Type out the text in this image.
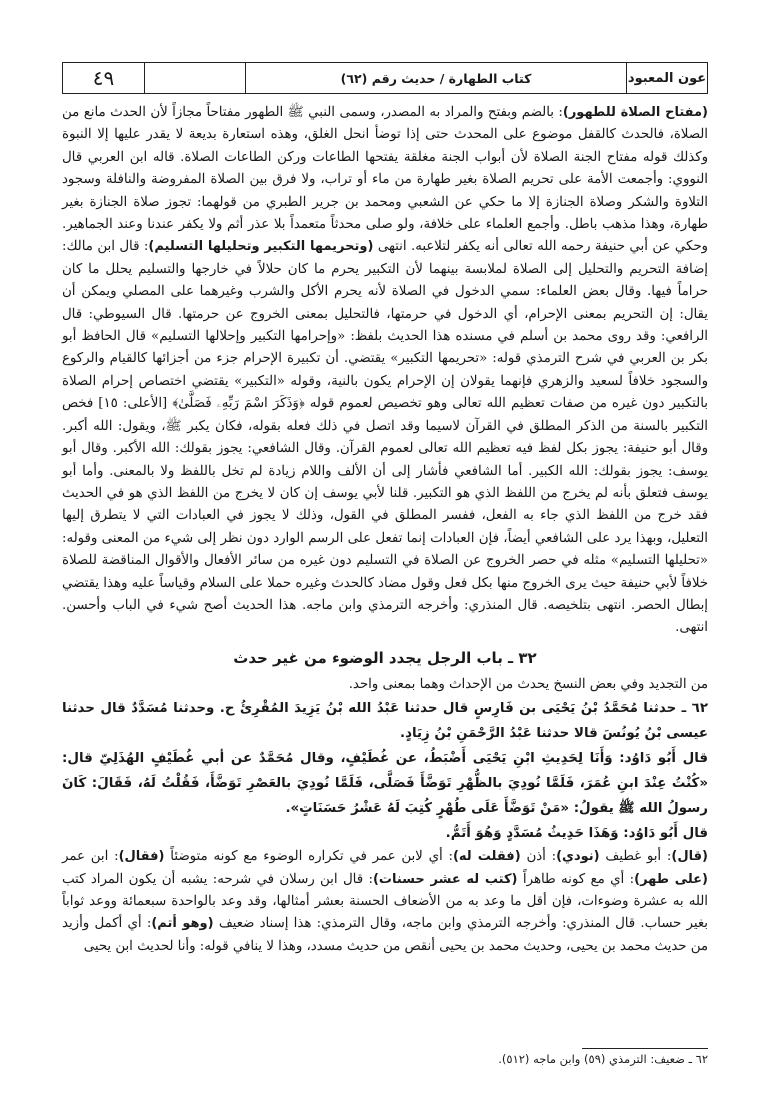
عون المعبود
كتاب الطهارة / حديث رقم (٦٢)
٤٩

(مفتاح الصلاة للطهور): بالضم وبفتح والمراد به المصدر، وسمى النبي ﷺ الطهور مفتاحاً مجازاً لأن الحدث مانع من الصلاة، فالحدث كالقفل موضوع على المحدث حتى إذا توضأ انحل الغلق، وهذه استعارة بديعة لا يقدر عليها إلا النبوة وكذلك قوله مفتاح الجنة الصلاة لأن أبواب الجنة مغلقة يفتحها الطاعات وركن الطاعات الصلاة. قاله ابن العربي قال النووي: وأجمعت الأمة على تحريم الصلاة بغير طهارة من ماء أو تراب، ولا فرق بين الصلاة المفروضة والنافلة وسجود التلاوة والشكر وصلاة الجنازة إلا ما حكي عن الشعبي ومحمد بن جرير الطبري من قولهما: تجوز صلاة الجنازة بغير طهارة، وهذا مذهب باطل. وأجمع العلماء على خلافة، ولو صلى محدثاً متعمداً بلا عذر أثم ولا يكفر عندنا وعند الجماهير. وحكي عن أبي حنيفة رحمه الله تعالى أنه يكفر لتلاعبه. انتهى (وتحريمها التكبير وتحليلها التسليم): قال ابن مالك: إضافة التحريم والتحليل إلى الصلاة لملابسة بينهما لأن التكبير يحرم ما كان حلالاً في خارجها والتسليم يحلل ما كان حراماً فيها. وقال بعض العلماء: سمي الدخول في الصلاة لأنه يحرم الأكل والشرب وغيرهما على المصلي ويمكن أن يقال: إن التحريم بمعنى الإحرام، أي الدخول في حرمتها، فالتحليل بمعنى الخروج عن حرمتها. قال السيوطي: قال الرافعي: وقد روى محمد بن أسلم في مسنده هذا الحديث بلفظ: «وإحرامها التكبير وإحلالها التسليم» قال الحافظ أبو بكر بن العربي في شرح الترمذي قوله: «تحريمها التكبير» يقتضي. أن تكبيرة الإحرام جزء من أجزائها كالقيام والركوع والسجود خلافاً لسعيد والزهري فإنهما يقولان إن الإحرام يكون بالنية، وقوله «التكبير» يقتضي اختصاص إحرام الصلاة بالتكبير دون غيره من صفات تعظيم الله تعالى وهو تخصيص لعموم قوله ﴿وَذَكَرَ اسْمَ رَبِّهِۦ فَصَلَّىٰ﴾ [الأعلى: ١٥] فخص التكبير بالسنة من الذكر المطلق في القرآن لاسيما وقد اتصل في ذلك فعله بقوله، فكان يكبر ﷺ، ويقول: الله أكبر. وقال أبو حنيفة: يجوز بكل لفظ فيه تعظيم الله تعالى لعموم القرآن. وقال الشافعي: يجوز بقولك: الله الأكبر. وقال أبو يوسف: يجوز بقولك: الله الكبير. أما الشافعي فأشار إلى أن الألف واللام زيادة لم تخل باللفظ ولا بالمعنى. وأما أبو يوسف فتعلق بأنه لم يخرج من اللفظ الذي هو التكبير. قلنا لأبي يوسف إن كان لا يخرج من اللفظ الذي هو في الحديث فقد خرج من اللفظ الذي جاء به الفعل، ففسر المطلق في القول، وذلك لا يجوز في العبادات التي لا يتطرق إليها التعليل، وبهذا يرد على الشافعي أيضاً، فإن العبادات إنما تفعل على الرسم الوارد دون نظر إلى شيء من المعنى وقوله: «تحليلها التسليم» مثله في حصر الخروج عن الصلاة في التسليم دون غيره من سائر الأفعال والأقوال المناقضة للصلاة خلافاً لأبي حنيفة حيث يرى الخروج منها بكل فعل وقول مضاد كالحدث وغيره حملا على السلام وقياساً عليه وهذا يقتضي إبطال الحصر. انتهى بتلخيصه. قال المنذري: وأخرجه الترمذي وابن ماجه. هذا الحديث أصح شيء في الباب وأحسن. انتهى.

٣٢ ـ باب الرجل يجدد الوضوء من غير حدث

من التجديد وفي بعض النسخ يحدث من الإحداث وهما بمعنى واحد.

٦٢ ـ حدثنا مُحَمَّدُ بْنُ يَحْيَى بن فَارِسٍ قال حدثنا عَبْدُ الله بْنُ يَزِيدَ المُقْرِئُ ح. وحدثنا مُسَدَّدٌ قال حدثنا عيسى بْنُ يُونُسَ قالا حدثنا عَبْدُ الرَّحْمَنِ بْنُ زِيَادٍ.

قال أَبُو دَاوُد: وَأَنَا لِحَدِيثِ ابْنِ يَحْيَى أَضْبَطُ، عن غُطَيْفٍ، وقال مُحَمَّدٌ عن أبي غُطَيْفٍ الهُذَلِيّ قال: «كُنْتُ عِنْدَ ابنِ عُمَرَ، فَلَمَّا نُودِيَ بالظُّهْرِ تَوَضَّأَ فَصَلَّى، فَلَمَّا نُودِيَ بالعَصْرِ تَوَضَّأَ، فَقُلْتُ لَهُ، فَقَالَ: كَانَ رسولُ الله ﷺ يقولُ: «مَنْ تَوَضَّأَ عَلَى طُهْرٍ كُتِبَ لَهُ عَشْرُ حَسَنَاتٍ».

قال أَبُو دَاوُد: وَهَذَا حَدِيثُ مُسَدَّدٍ وَهُوَ أَتَمُّ.

(قال): أبو غطيف (نودي): أذن (فقلت له): أي لابن عمر في تكراره الوضوء مع كونه متوضئاً (فقال): ابن عمر (على طهر): أي مع كونه طاهراً (كتب له عشر حسنات): قال ابن رسلان في شرحه: يشبه أن يكون المراد كتب الله به عشرة وضوءات، فإن أقل ما وعد به من الأضعاف الحسنة بعشر أمثالها، وقد وعد بالواحدة سبعمائة ووعد ثواباً بغير حساب. قال المنذري: وأخرجه الترمذي وابن ماجه، وقال الترمذي: هذا إسناد ضعيف (وهو أتم): أي أكمل وأزيد من حديث محمد بن يحيى، وحديث محمد بن يحيى أنقص من حديث مسدد، وهذا لا ينافي قوله: وأنا لحديث ابن يحيى

٦٢ ـ ضعيف: الترمذي (٥٩) وابن ماجه (٥١٢).
